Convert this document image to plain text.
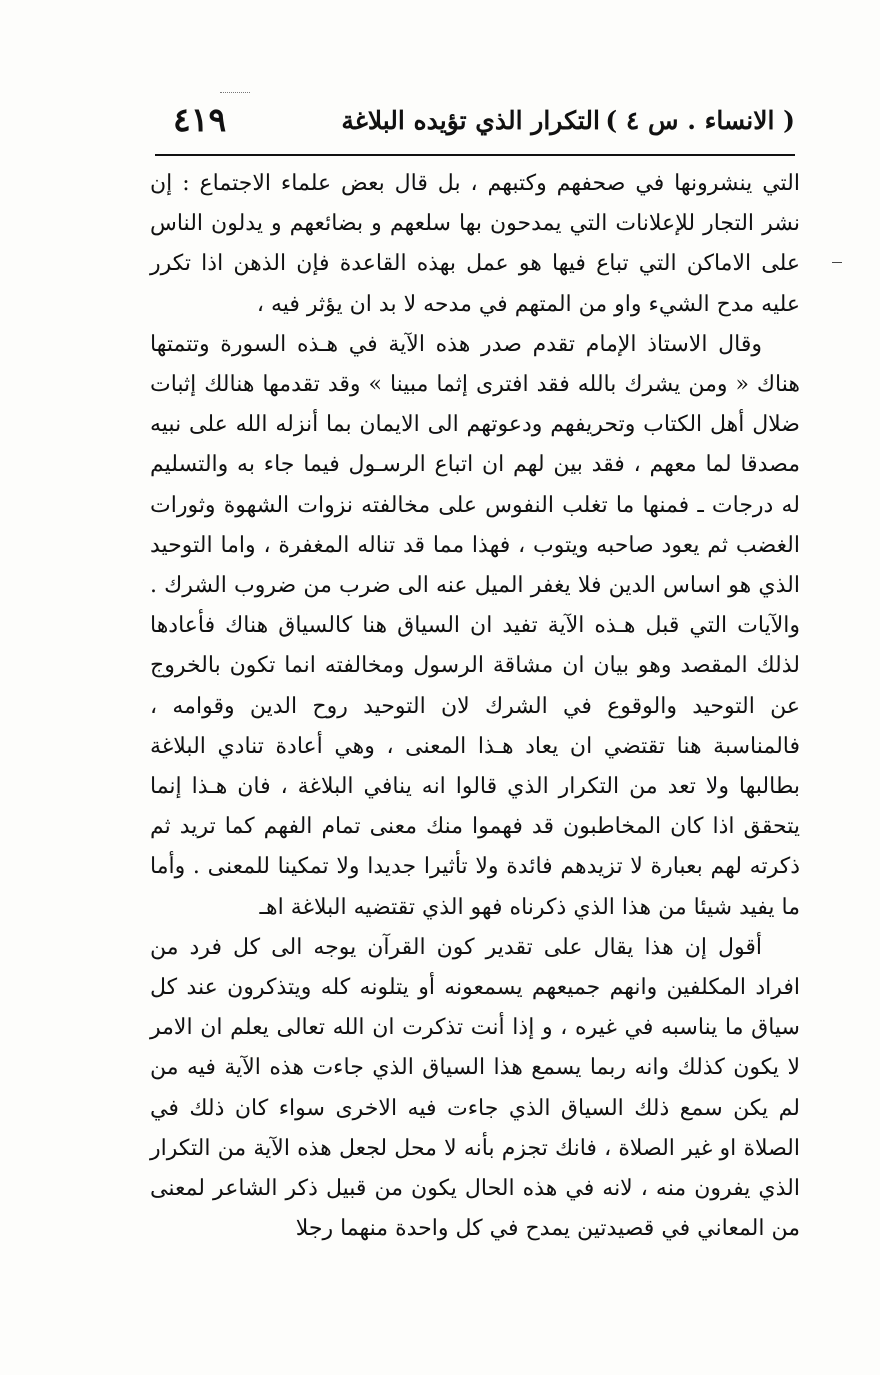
( الانساء . س ٤ )
التكرار الذي تؤيده البلاغة
٤١٩

التي ينشرونها في صحفهم وكتبهم ، بل قال بعض علماء الاجتماع : إن نشر التجار للإعلانات التي يمدحون بها سلعهم و بضائعهم و يدلون الناس على الاماكن التي تباع فيها هو عمل بهذه القاعدة فإن الذهن اذا تكرر عليه مدح الشيء واو من المتهم في مدحه لا بد ان يؤثر فيه ،

وقال الاستاذ الإمام تقدم صدر هذه الآية في هـذه السورة وتتمتها هناك « ومن يشرك بالله فقد افترى إثما مبينا » وقد تقدمها هنالك إثبات ضلال أهل الكتاب وتحريفهم ودعوتهم الى الايمان بما أنزله الله على نبيه مصدقا لما معهم ، فقد بين لهم ان اتباع الرسـول فيما جاء به والتسليم له درجات ـ فمنها ما تغلب النفوس على مخالفته نزوات الشهوة وثورات الغضب ثم يعود صاحبه ويتوب ، فهذا مما قد تناله المغفرة ، واما التوحيد الذي هو اساس الدين فلا يغفر الميل عنه الى ضرب من ضروب الشرك . والآيات التي قبل هـذه الآية تفيد ان السياق هنا كالسياق هناك فأعادها لذلك المقصد وهو بيان ان مشاقة الرسول ومخالفته انما تكون بالخروج عن التوحيد والوقوع في الشرك لان التوحيد روح الدين وقوامه ، فالمناسبة هنا تقتضي ان يعاد هـذا المعنى ، وهي أعادة تنادي البلاغة بطالبها ولا تعد من التكرار الذي قالوا انه ينافي البلاغة ، فان هـذا إنما يتحقق اذا كان المخاطبون قد فهموا منك معنى تمام الفهم كما تريد ثم ذكرته لهم بعبارة لا تزيدهم فائدة ولا تأثيرا جديدا ولا تمكينا للمعنى . وأما ما يفيد شيئا من هذا الذي ذكرناه فهو الذي تقتضيه البلاغة اهـ

أقول إن هذا يقال على تقدير كون القرآن يوجه الى كل فرد من افراد المكلفين وانهم جميعهم يسمعونه أو يتلونه كله ويتذكرون عند كل سياق ما يناسبه في غيره ، و إذا أنت تذكرت ان الله تعالى يعلم ان الامر لا يكون كذلك وانه ربما يسمع هذا السياق الذي جاءت هذه الآية فيه من لم يكن سمع ذلك السياق الذي جاءت فيه الاخرى سواء كان ذلك في الصلاة او غير الصلاة ، فانك تجزم بأنه لا محل لجعل هذه الآية من التكرار الذي يفرون منه ، لانه في هذه الحال يكون من قبيل ذكر الشاعر لمعنى من المعاني في قصيدتين يمدح في كل واحدة منهما رجلا
